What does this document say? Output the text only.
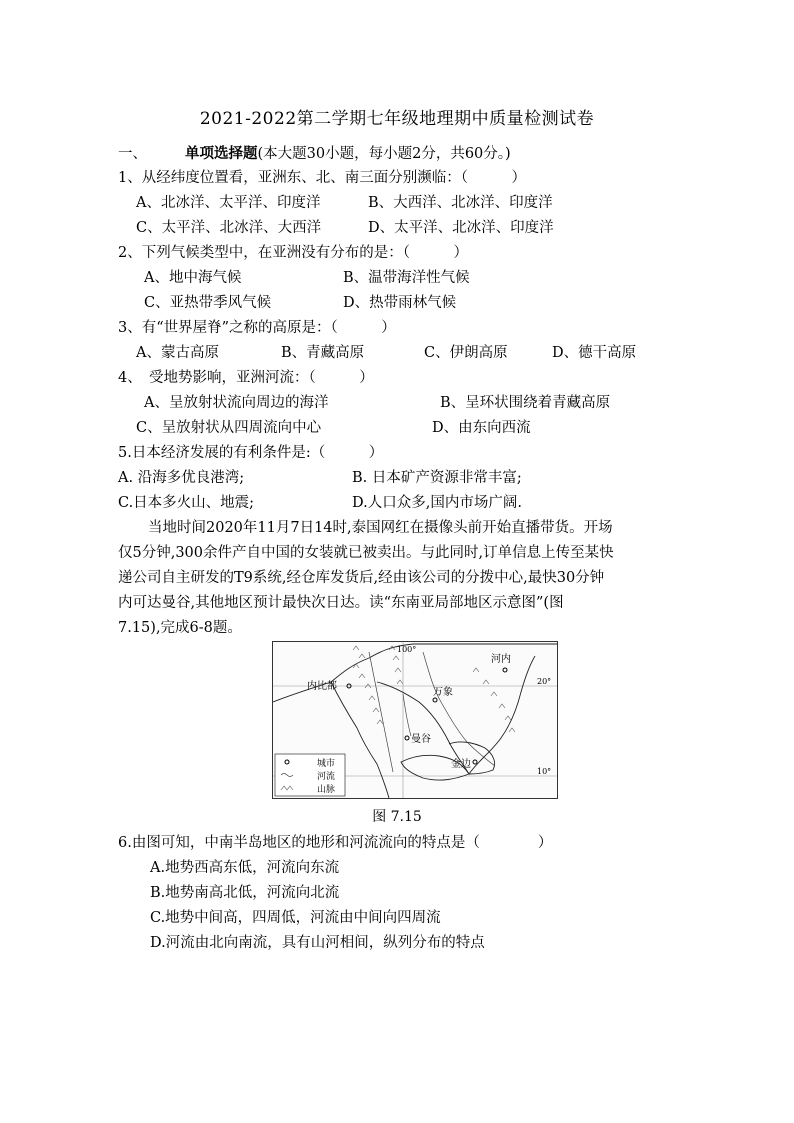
2021-2022第二学期七年级地理期中质量检测试卷
一、	单项选择题(本大题30小题，每小题2分，共60分。)
1、从经纬度位置看，亚洲东、北、南三面分别濒临：（　　　）
A、北冰洋、太平洋、印度洋	B、大西洋、北冰洋、印度洋
C、太平洋、北冰洋、大西洋	D、太平洋、北冰洋、印度洋
2、下列气候类型中，在亚洲没有分布的是：（　　　）
A、地中海气候	B、温带海洋性气候
C、亚热带季风气候	D、热带雨林气候
3、有“世界屋脊”之称的高原是：（　　　）
A、蒙古高原	B、青藏高原	C、伊朗高原	D、德干高原
4、　受地势影响，亚洲河流：（　　　）
A、呈放射状流向周边的海洋	B、呈环状围绕着青藏高原
C、呈放射状从四周流向中心	D、由东向西流
5.日本经济发展的有利条件是:（　　　）
A. 沿海多优良港湾;	B. 日本矿产资源非常丰富;
C.日本多火山、地震;	D.人口众多,国内市场广阔.
当地时间2020年11月7日14时,泰国网红在摄像头前开始直播带货。开场
仅5分钟,300余件产自中国的女装就已被卖出。与此同时,订单信息上传至某快
递公司自主研发的T9系统,经仓库发货后,经由该公司的分拨中心,最快30分钟
内可达曼谷,其他地区预计最快次日达。读“东南亚局部地区示意图”(图
7.15),完成6-8题。
河内
内比都
万象
曼谷
金边
100°
20°
10°
城市
河流
山脉
图 7.15
6.由图可知，中南半岛地区的地形和河流流向的特点是（　　　　）
A.地势西高东低，河流向东流
B.地势南高北低，河流向北流
C.地势中间高，四周低，河流由中间向四周流
D.河流由北向南流，具有山河相间，纵列分布的特点
